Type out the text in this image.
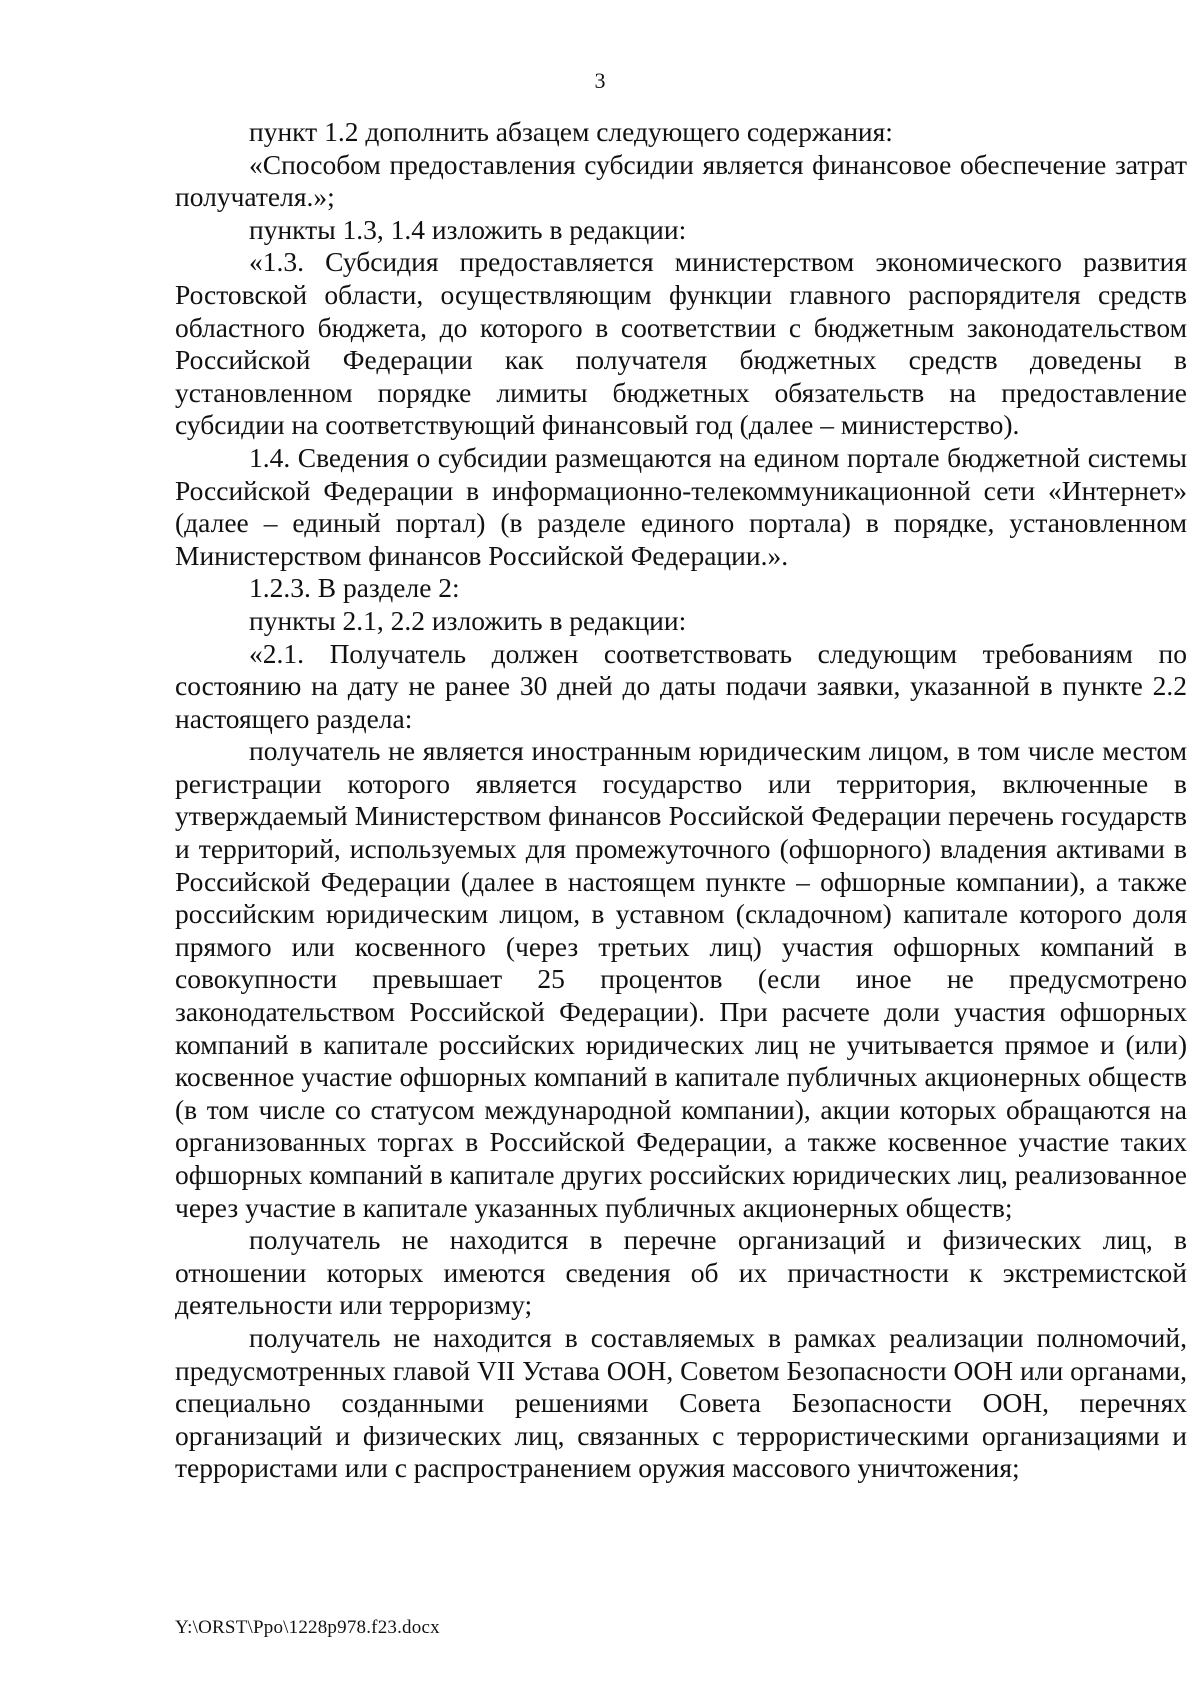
3

пункт 1.2 дополнить абзацем следующего содержания:

«Способом предоставления субсидии является финансовое обеспечение затрат получателя.»;

пункты 1.3, 1.4 изложить в редакции:

«1.3. Субсидия предоставляется министерством экономического развития Ростовской области, осуществляющим функции главного распорядителя средств областного бюджета, до которого в соответствии с бюджетным законодательством Российской Федерации как получателя бюджетных средств доведены в установленном порядке лимиты бюджетных обязательств на предоставление субсидии на соответствующий финансовый год (далее – министерство).

1.4. Сведения о субсидии размещаются на едином портале бюджетной системы Российской Федерации в информационно-телекоммуникационной сети «Интернет» (далее – единый портал) (в разделе единого портала) в порядке, установленном Министерством финансов Российской Федерации.».

1.2.3. В разделе 2:

пункты 2.1, 2.2 изложить в редакции:

«2.1. Получатель должен соответствовать следующим требованиям по состоянию на дату не ранее 30 дней до даты подачи заявки, указанной в пункте 2.2 настоящего раздела:

получатель не является иностранным юридическим лицом, в том числе местом регистрации которого является государство или территория, включенные в утверждаемый Министерством финансов Российской Федерации перечень государств и территорий, используемых для промежуточного (офшорного) владения активами в Российской Федерации (далее в настоящем пункте – офшорные компании), а также российским юридическим лицом, в уставном (складочном) капитале которого доля прямого или косвенного (через третьих лиц) участия офшорных компаний в совокупности превышает 25 процентов (если иное не предусмотрено законодательством Российской Федерации). При расчете доли участия офшорных компаний в капитале российских юридических лиц не учитывается прямое и (или) косвенное участие офшорных компаний в капитале публичных акционерных обществ (в том числе со статусом международной компании), акции которых обращаются на организованных торгах в Российской Федерации, а также косвенное участие таких офшорных компаний в капитале других российских юридических лиц, реализованное через участие в капитале указанных публичных акционерных обществ;

получатель не находится в перечне организаций и физических лиц, в отношении которых имеются сведения об их причастности к экстремистской деятельности или терроризму;

получатель не находится в составляемых в рамках реализации полномочий, предусмотренных главой VII Устава ООН, Советом Безопасности ООН или органами, специально созданными решениями Совета Безопасности ООН, перечнях организаций и физических лиц, связанных с террористическими организациями и террористами или с распространением оружия массового уничтожения;

Y:\ORST\Ppo\1228p978.f23.docx
